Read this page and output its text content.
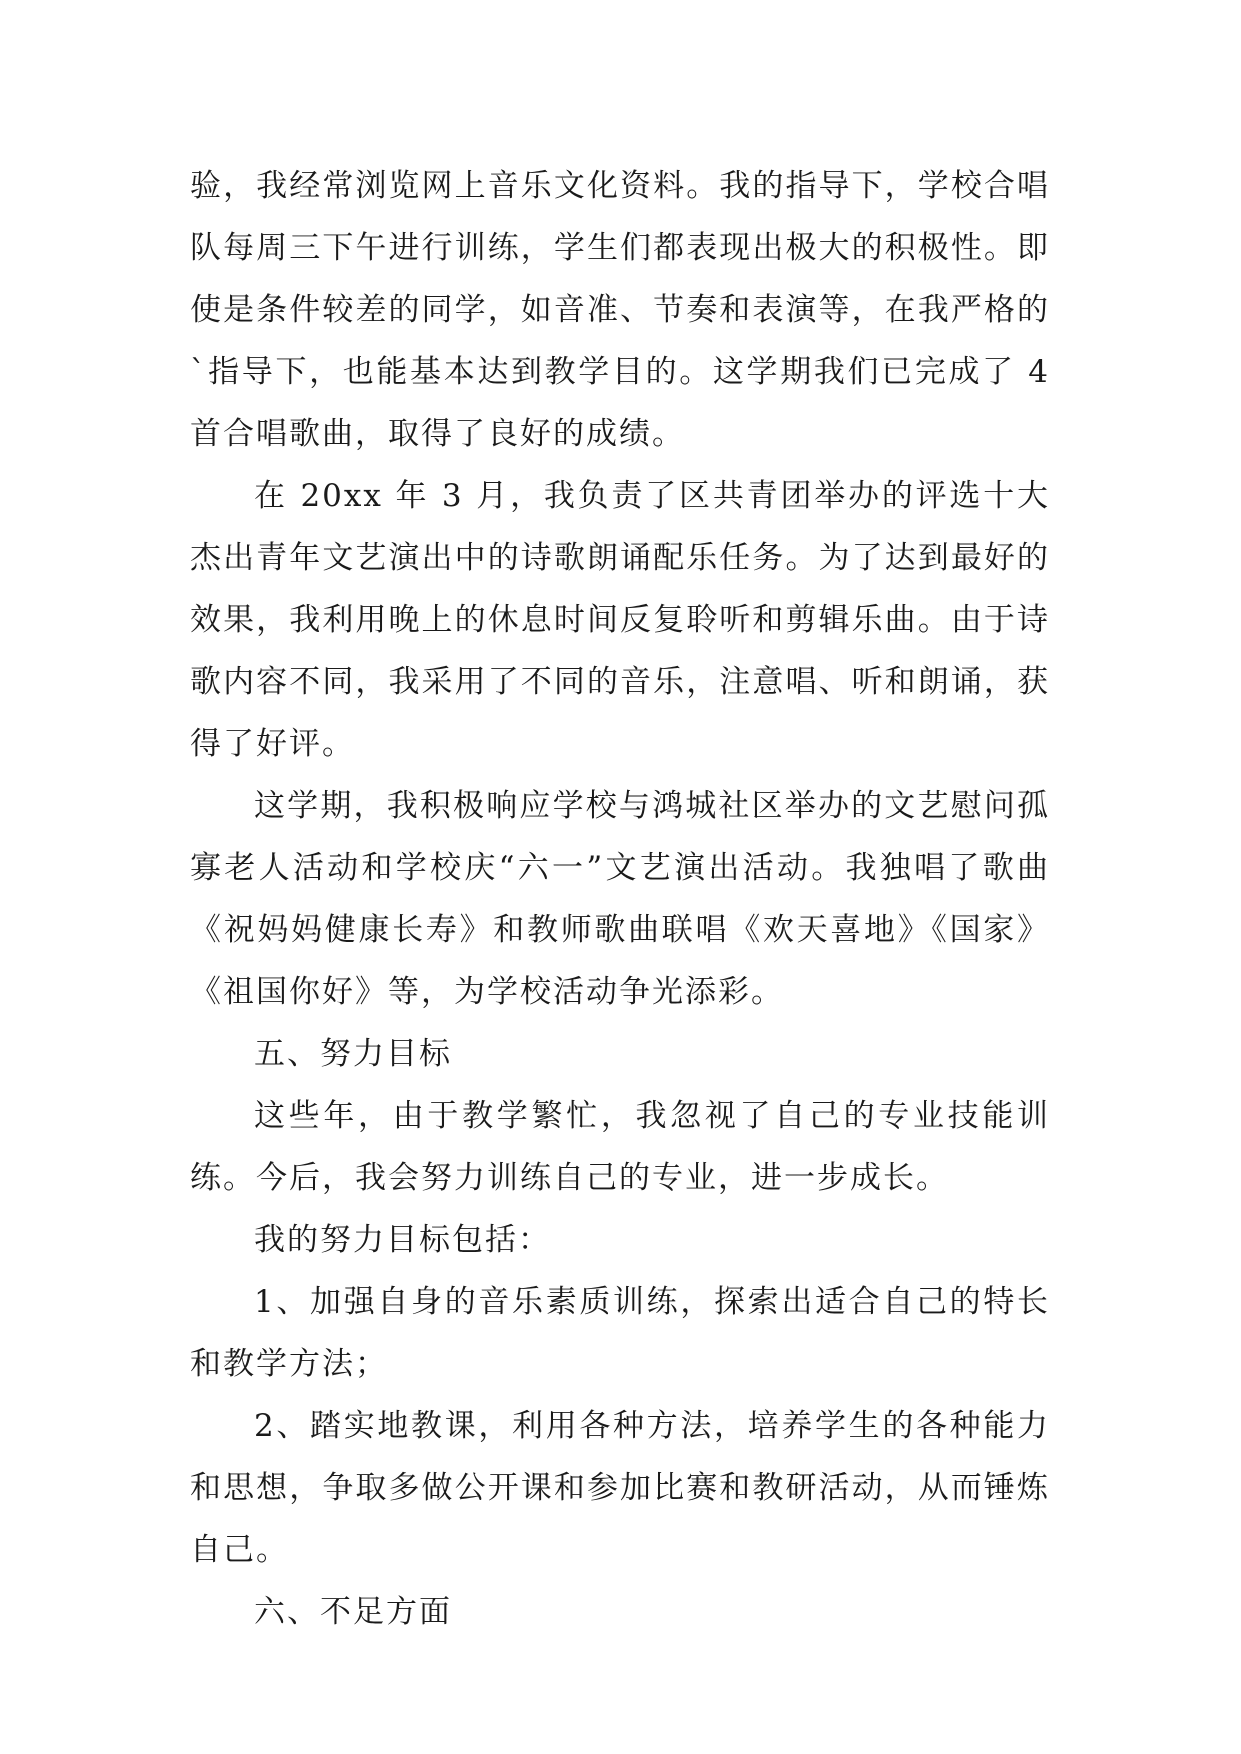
验，我经常浏览网上音乐文化资料。我的指导下，学校合唱队每周三下午进行训练，学生们都表现出极大的积极性。即使是条件较差的同学，如音准、节奏和表演等，在我严格的`指导下，也能基本达到教学目的。这学期我们已完成了 4 首合唱歌曲，取得了良好的成绩。

在 20xx 年 3 月，我负责了区共青团举办的评选十大杰出青年文艺演出中的诗歌朗诵配乐任务。为了达到最好的效果，我利用晚上的休息时间反复聆听和剪辑乐曲。由于诗歌内容不同，我采用了不同的音乐，注意唱、听和朗诵，获得了好评。

这学期，我积极响应学校与鸿城社区举办的文艺慰问孤寡老人活动和学校庆“六一”文艺演出活动。我独唱了歌曲《祝妈妈健康长寿》和教师歌曲联唱《欢天喜地》《国家》《祖国你好》等，为学校活动争光添彩。

五、努力目标

这些年，由于教学繁忙，我忽视了自己的专业技能训练。今后，我会努力训练自己的专业，进一步成长。

我的努力目标包括：

1、加强自身的音乐素质训练，探索出适合自己的特长和教学方法；

2、踏实地教课，利用各种方法，培养学生的各种能力和思想，争取多做公开课和参加比赛和教研活动，从而锤炼自己。

六、不足方面
